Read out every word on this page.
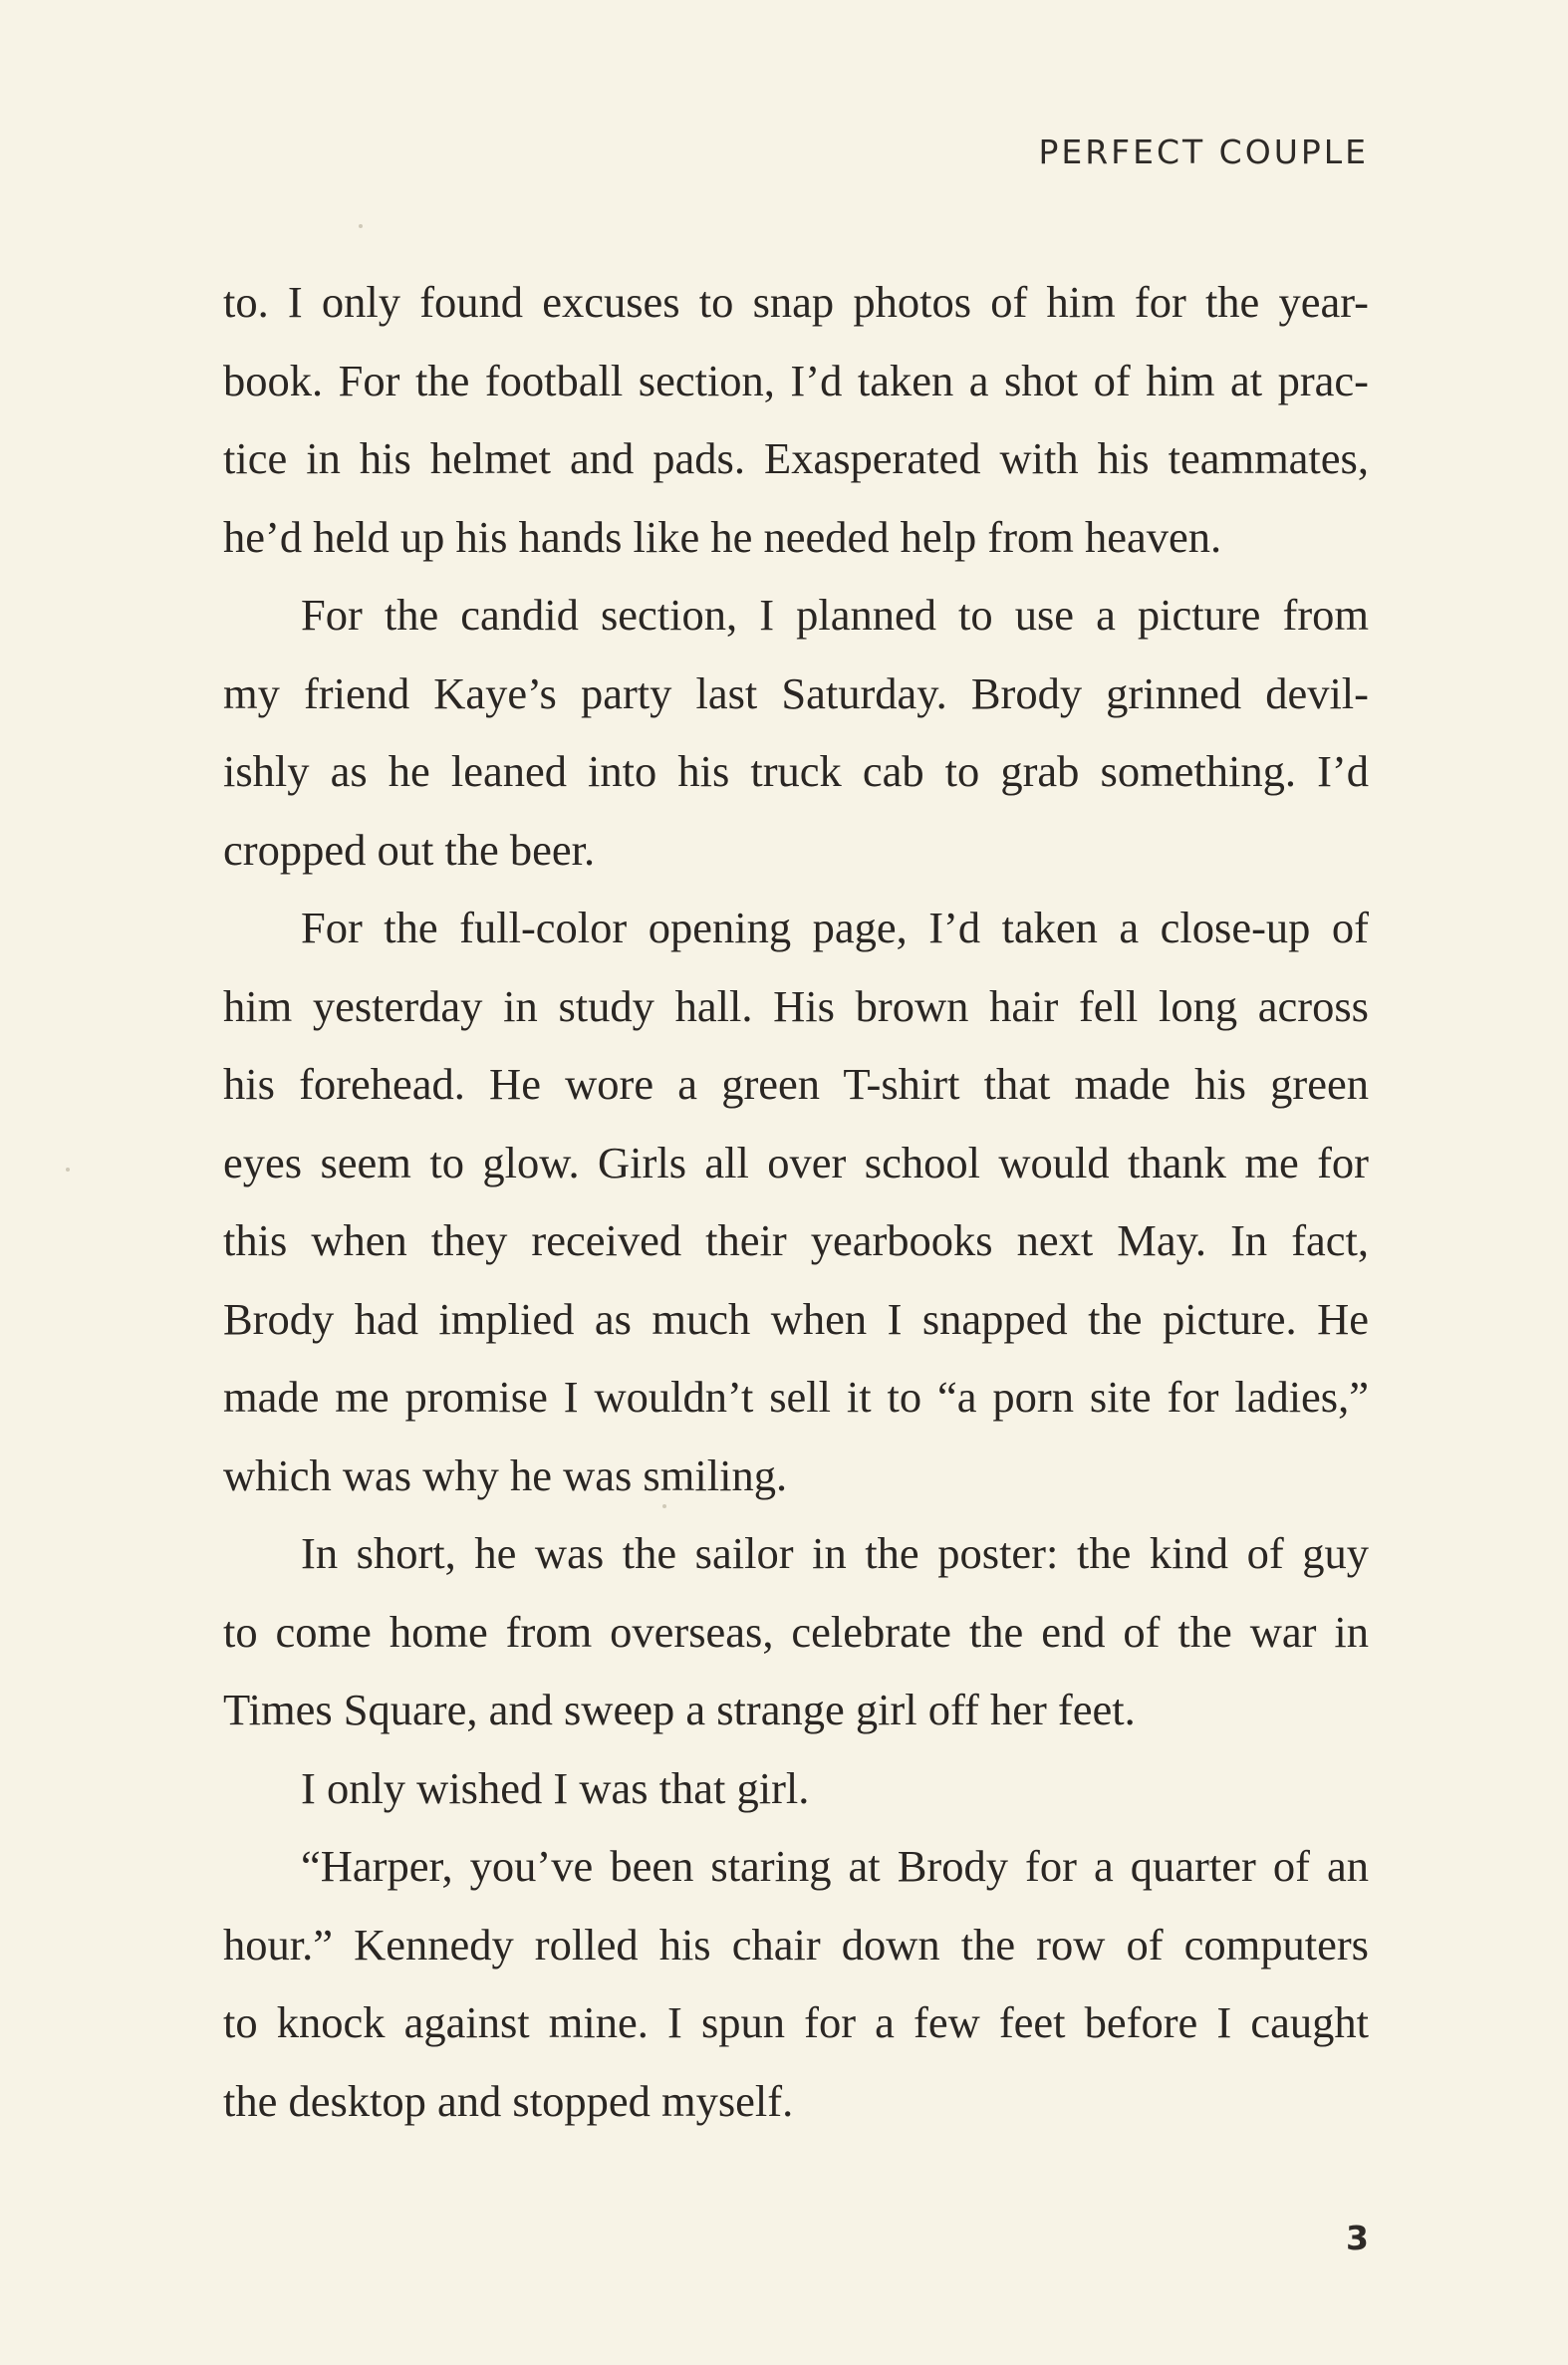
PERFECT COUPLE
to. I only found excuses to snap photos of him for the year-
book. For the football section, I’d taken a shot of him at prac-
tice in his helmet and pads. Exasperated with his teammates,
he’d held up his hands like he needed help from heaven.
For the candid section, I planned to use a picture from
my friend Kaye’s party last Saturday. Brody grinned devil-
ishly as he leaned into his truck cab to grab something. I’d
cropped out the beer.
For the full-color opening page, I’d taken a close-up of
him yesterday in study hall. His brown hair fell long across
his forehead. He wore a green T-shirt that made his green
eyes seem to glow. Girls all over school would thank me for
this when they received their yearbooks next May. In fact,
Brody had implied as much when I snapped the picture. He
made me promise I wouldn’t sell it to “a porn site for ladies,”
which was why he was smiling.
In short, he was the sailor in the poster: the kind of guy
to come home from overseas, celebrate the end of the war in
Times Square, and sweep a strange girl off her feet.
I only wished I was that girl.
“Harper, you’ve been staring at Brody for a quarter of an
hour.” Kennedy rolled his chair down the row of computers
to knock against mine. I spun for a few feet before I caught
the desktop and stopped myself.
3
